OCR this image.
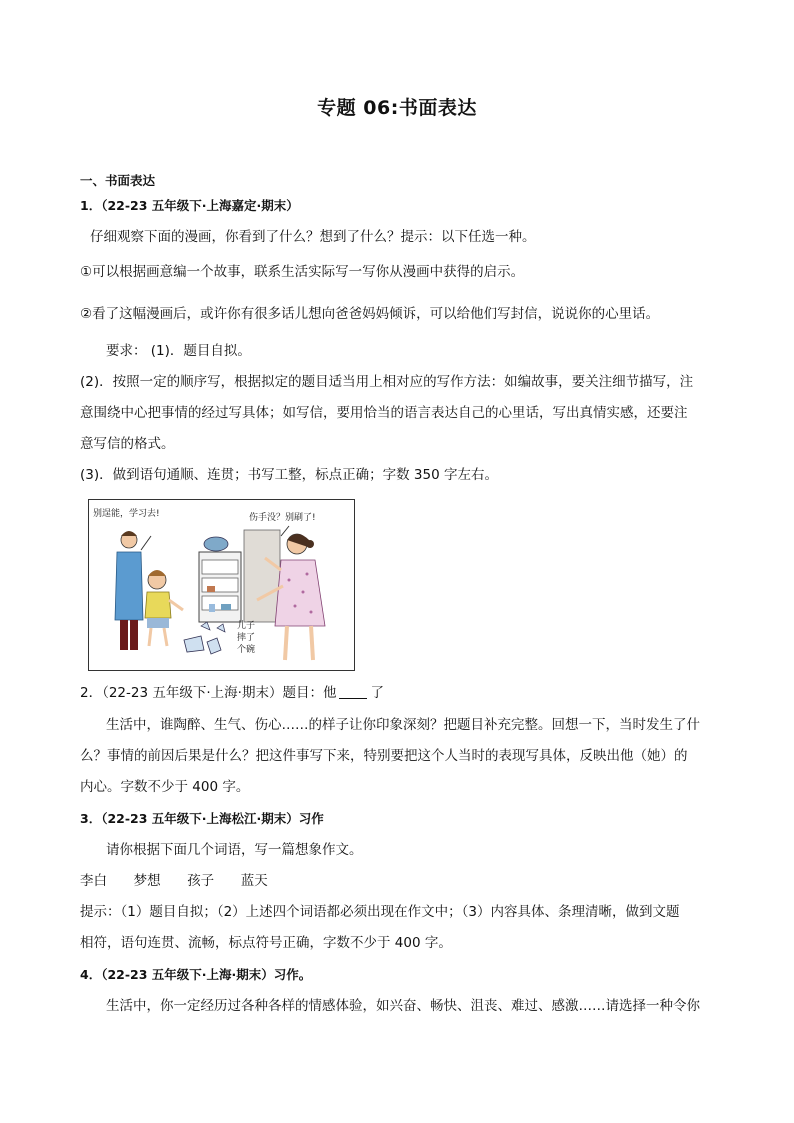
专题 06:书面表达
一、书面表达
1．（22-23 五年级下·上海嘉定·期末）
仔细观察下面的漫画，你看到了什么？想到了什么？提示：以下任选一种。
①可以根据画意编一个故事，联系生活实际写一写你从漫画中获得的启示。
②看了这幅漫画后，或许你有很多话儿想向爸爸妈妈倾诉，可以给他们写封信，说说你的心里话。
要求： (1)．题目自拟。
(2)．按照一定的顺序写，根据拟定的题目适当用上相对应的写作方法：如编故事，要关注细节描写，注
意围绕中心把事情的经过写具体；如写信，要用恰当的语言表达自己的心里话，写出真情实感，还要注
意写信的格式。
(3)．做到语句通顺、连贯；书写工整，标点正确；字数 350 字左右。
别逞能，学习去!	伤手没？别刷了!
儿子
摔了
个碗
2．（22-23 五年级下·上海·期末）题目：他	了
生活中，谁陶醉、生气、伤心……的样子让你印象深刻？把题目补充完整。回想一下，当时发生了什
么？事情的前因后果是什么？把这件事写下来，特别要把这个人当时的表现写具体，反映出他（她）的
内心。字数不少于 400 字。
3．（22-23 五年级下·上海松江·期末）习作
请你根据下面几个词语，写一篇想象作文。
李白 梦想 孩子 蓝天
提示：（1）题目自拟；（2）上述四个词语都必须出现在作文中；（3）内容具体、条理清晰，做到文题
相符，语句连贯、流畅，标点符号正确，字数不少于 400 字。
4．（22-23 五年级下·上海·期末）习作。
生活中，你一定经历过各种各样的情感体验，如兴奋、畅快、沮丧、难过、感激……请选择一种令你
